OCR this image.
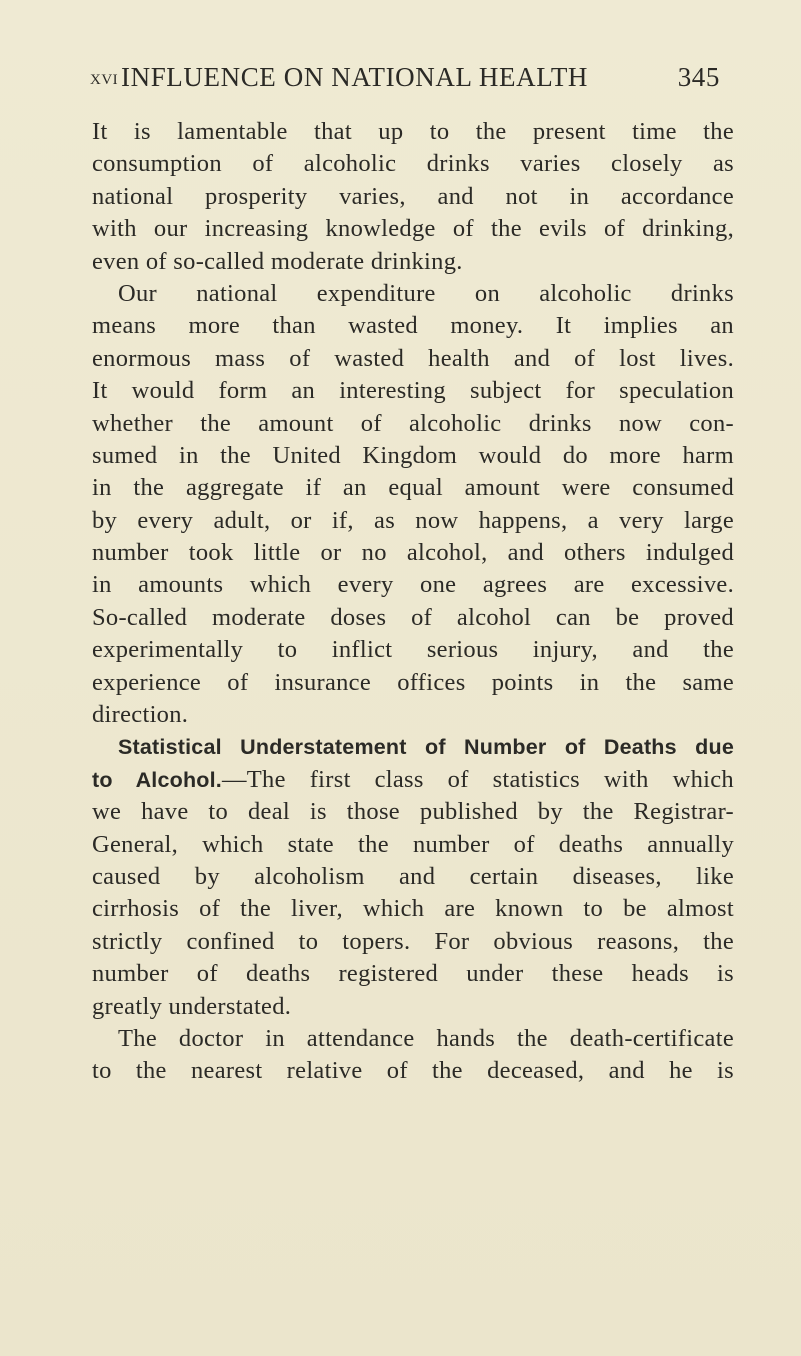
XVI INFLUENCE ON NATIONAL HEALTH	345
It is lamentable that up to the present time the
consumption of alcoholic drinks varies closely as
national prosperity varies, and not in accordance
with our increasing knowledge of the evils of drinking,
even of so-called moderate drinking.
Our national expenditure on alcoholic drinks
means more than wasted money. It implies an
enormous mass of wasted health and of lost lives.
It would form an interesting subject for speculation
whether the amount of alcoholic drinks now con-
sumed in the United Kingdom would do more harm
in the aggregate if an equal amount were consumed
by every adult, or if, as now happens, a very large
number took little or no alcohol, and others indulged
in amounts which every one agrees are excessive.
So-called moderate doses of alcohol can be proved
experimentally to inflict serious injury, and the
experience of insurance offices points in the same
direction.
Statistical Understatement of Number of Deaths due
to Alcohol.—The first class of statistics with which
we have to deal is those published by the Registrar-
General, which state the number of deaths annually
caused by alcoholism and certain diseases, like
cirrhosis of the liver, which are known to be almost
strictly confined to topers. For obvious reasons, the
number of deaths registered under these heads is
greatly understated.
The doctor in attendance hands the death-certificate
to the nearest relative of the deceased, and he is
